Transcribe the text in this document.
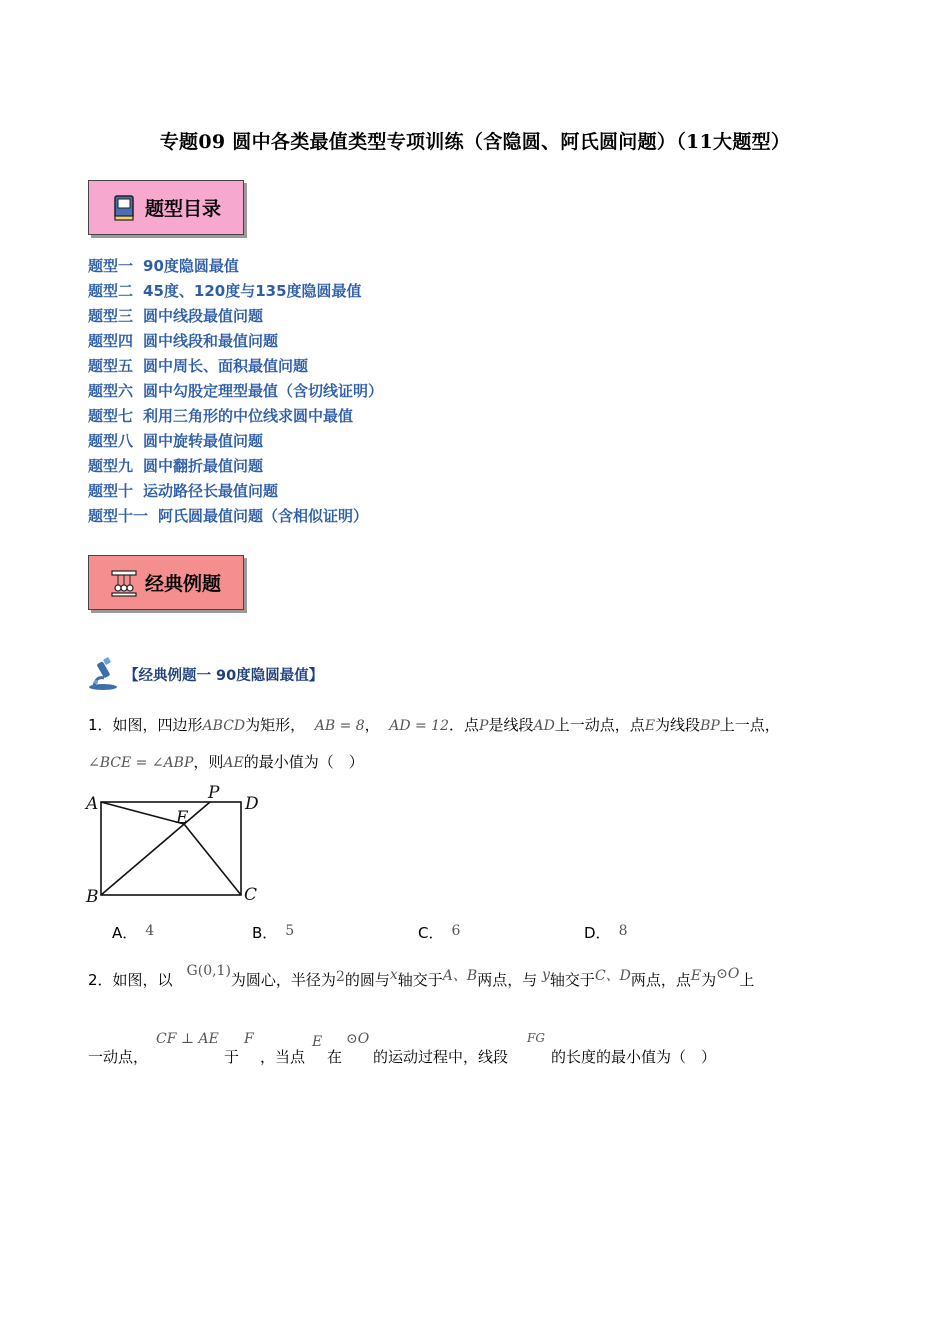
专题09 圆中各类最值类型专项训练（含隐圆、阿氏圆问题）（11大题型）
题型目录
题型一 90度隐圆最值
题型二 45度、120度与135度隐圆最值
题型三 圆中线段最值问题
题型四 圆中线段和最值问题
题型五 圆中周长、面积最值问题
题型六 圆中勾股定理型最值（含切线证明）
题型七 利用三角形的中位线求圆中最值
题型八 圆中旋转最值问题
题型九 圆中翻折最值问题
题型十 运动路径长最值问题
题型十一 阿氏圆最值问题（含相似证明）
经典例题
【经典例题一 90度隐圆最值】
1．如图，四边形ABCD为矩形， AB = 8， AD = 12．点P是线段AD上一动点，点E为线段BP上一点，
∠BCE = ∠ABP，则AE的最小值为（　）
A
B	C
D
E
P
A． 4	B． 5	C． 6	D． 8
2．如图，以 G(0,1)为圆心，半径为2的圆与x轴交于A、B两点，与 y轴交于C、D两点，点E为⊙O上
一动点，
CF ⊥ AE
于
F
，当点
E
在
⊙O
的运动过程中，线段
FG
的长度的最小值为（　）
